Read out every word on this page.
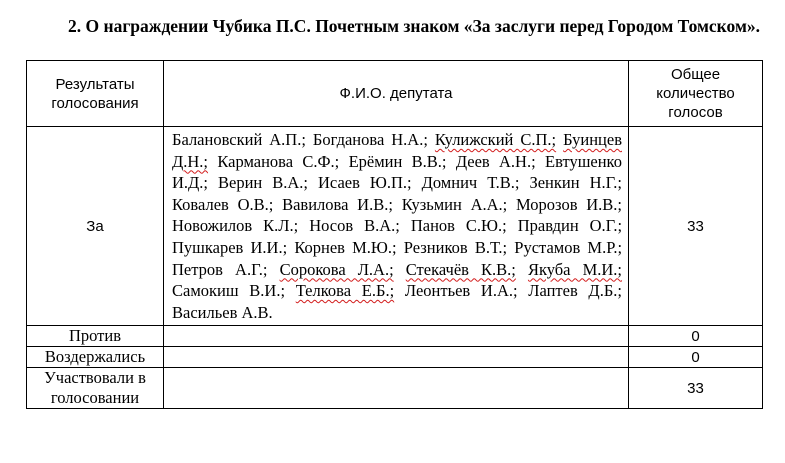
2. О награждении Чубика П.С. Почетным знаком «За заслуги перед Городом Томском».
Результаты голосования	Ф.И.О. депутата	Общее количество голосов
За	Балановский А.П.; Богданова Н.А.; Кулижский С.П.; Буинцев Д.Н.; Карманова С.Ф.; Ерёмин В.В.; Деев А.Н.; Евтушенко И.Д.; Верин В.А.; Исаев Ю.П.; Домнич Т.В.; Зенкин Н.Г.; Ковалев О.В.; Вавилова И.В.; Кузьмин А.А.; Морозов И.В.; Новожилов К.Л.; Носов В.А.; Панов С.Ю.; Правдин О.Г.; Пушкарев И.И.; Корнев М.Ю.; Резников В.Т.; Рустамов М.Р.; Петров А.Г.; Сорокова Л.А.; Стекачёв К.В.; Якуба М.И.; Самокиш В.И.; Телкова Е.Б.; Леонтьев И.А.; Лаптев Д.Б.; Васильев А.В.	33
Против		0
Воздержались		0
Участвовали в голосовании		33
